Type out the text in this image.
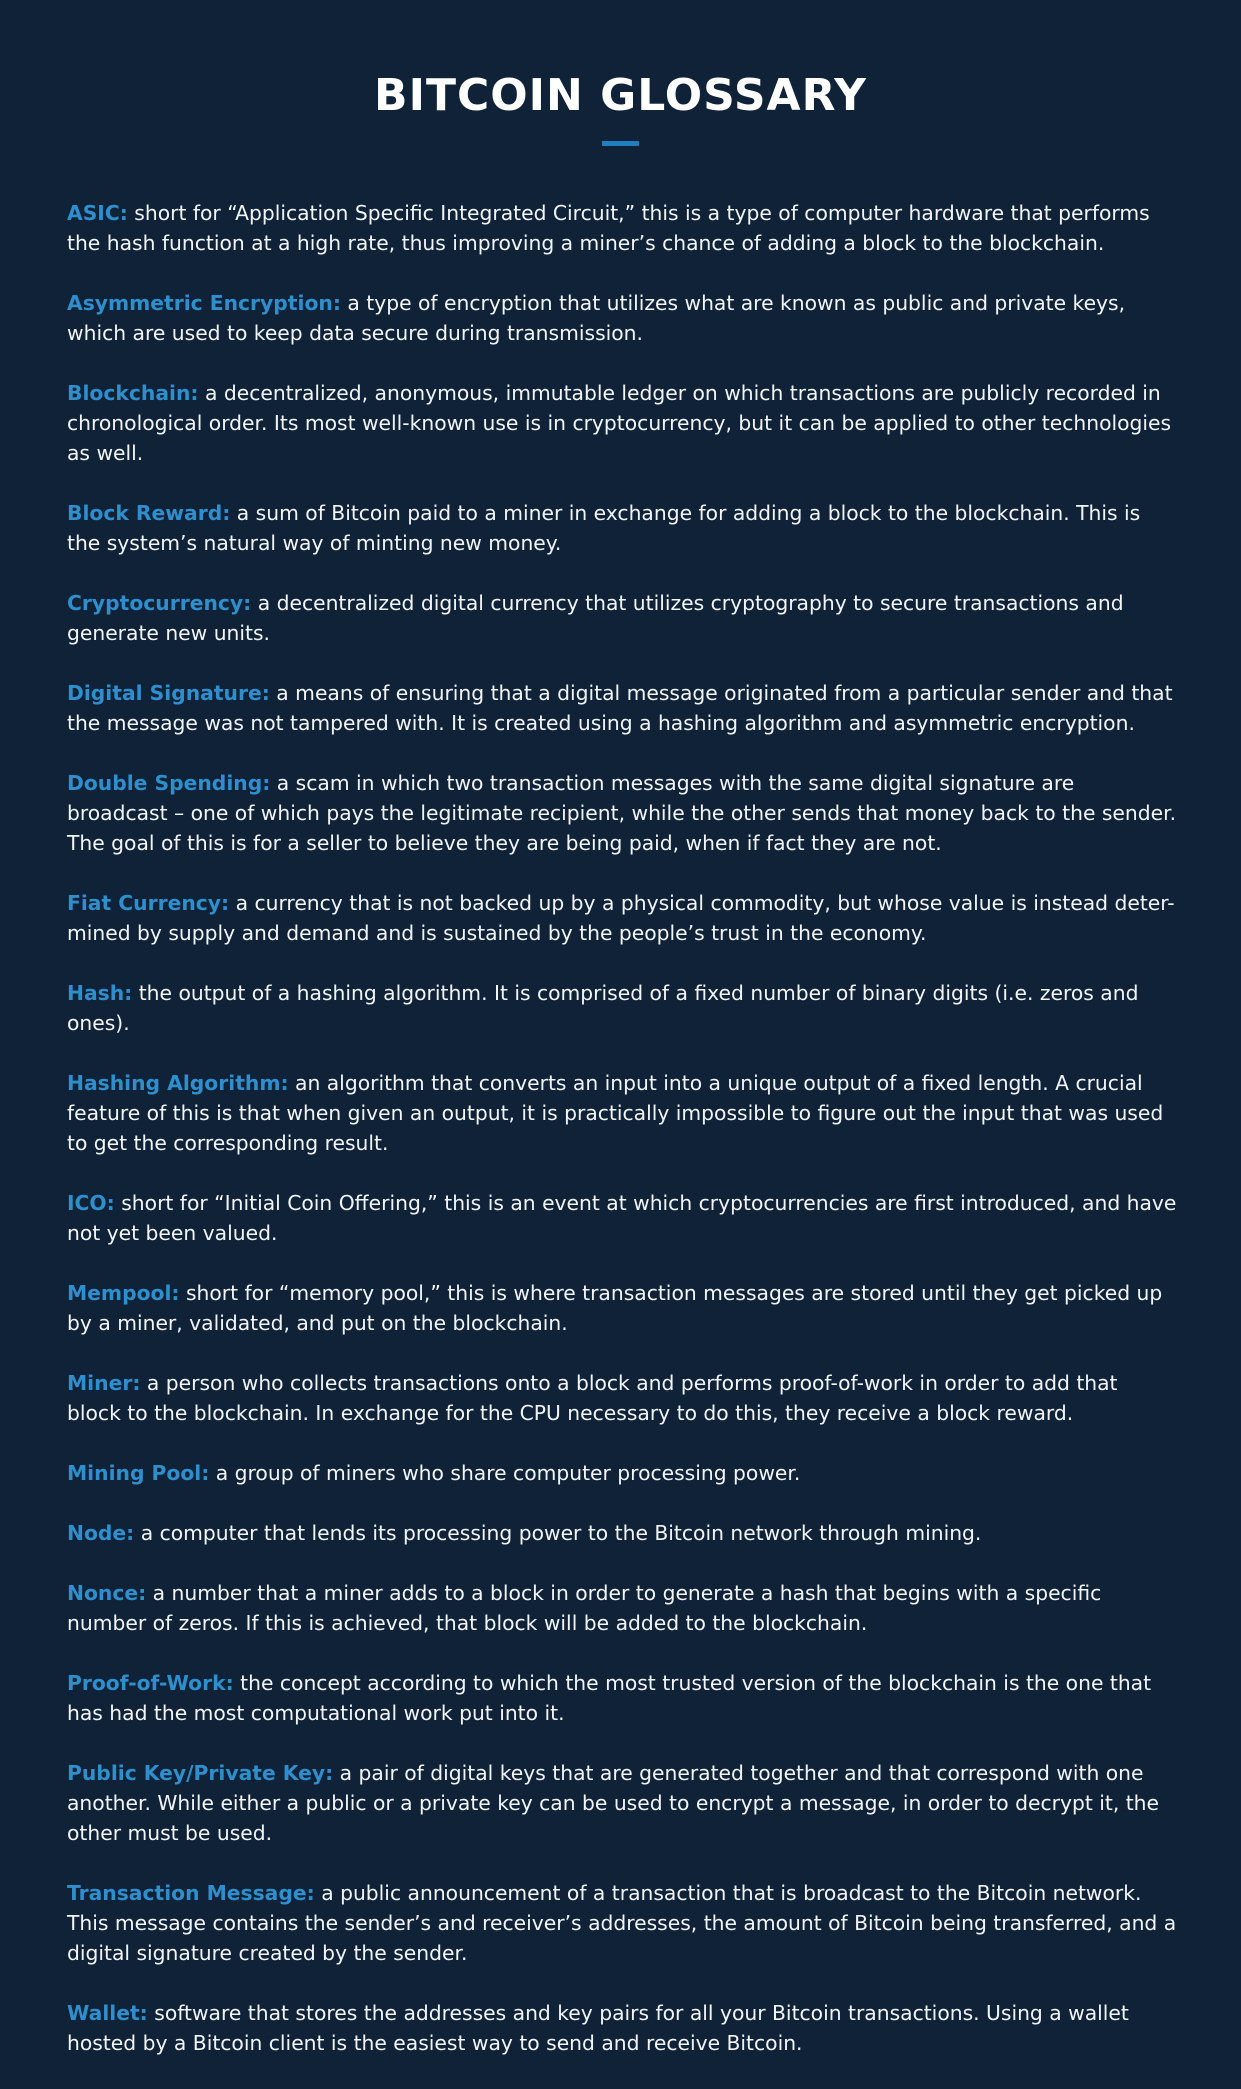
BITCOIN GLOSSARY
ASIC: short for “Application Specific Integrated Circuit,” this is a type of computer hardware that performs the hash function at a high rate, thus improving a miner’s chance of adding a block to the blockchain.
Asymmetric Encryption: a type of encryption that utilizes what are known as public and private keys, which are used to keep data secure during transmission.
Blockchain: a decentralized, anonymous, immutable ledger on which transactions are publicly recorded in chronological order. Its most well-known use is in cryptocurrency, but it can be applied to other technologies as well.
Block Reward: a sum of Bitcoin paid to a miner in exchange for adding a block to the blockchain. This is the system’s natural way of minting new money.
Cryptocurrency: a decentralized digital currency that utilizes cryptography to secure transactions and generate new units.
Digital Signature: a means of ensuring that a digital message originated from a particular sender and that the message was not tampered with. It is created using a hashing algorithm and asymmetric encryption.
Double Spending: a scam in which two transaction messages with the same digital signature are broadcast – one of which pays the legitimate recipient, while the other sends that money back to the sender. The goal of this is for a seller to believe they are being paid, when if fact they are not.
Fiat Currency: a currency that is not backed up by a physical commodity, but whose value is instead deter-mined by supply and demand and is sustained by the people’s trust in the economy.
Hash: the output of a hashing algorithm. It is comprised of a fixed number of binary digits (i.e. zeros and ones).
Hashing Algorithm: an algorithm that converts an input into a unique output of a fixed length. A crucial feature of this is that when given an output, it is practically impossible to figure out the input that was used to get the corresponding result.
ICO: short for “Initial Coin Offering,” this is an event at which cryptocurrencies are first introduced, and have not yet been valued.
Mempool: short for “memory pool,” this is where transaction messages are stored until they get picked up by a miner, validated, and put on the blockchain.
Miner: a person who collects transactions onto a block and performs proof-of-work in order to add that block to the blockchain. In exchange for the CPU necessary to do this, they receive a block reward.
Mining Pool: a group of miners who share computer processing power.
Node: a computer that lends its processing power to the Bitcoin network through mining.
Nonce: a number that a miner adds to a block in order to generate a hash that begins with a specific number of zeros. If this is achieved, that block will be added to the blockchain.
Proof-of-Work: the concept according to which the most trusted version of the blockchain is the one that has had the most computational work put into it.
Public Key/Private Key: a pair of digital keys that are generated together and that correspond with one another. While either a public or a private key can be used to encrypt a message, in order to decrypt it, the other must be used.
Transaction Message: a public announcement of a transaction that is broadcast to the Bitcoin network. This message contains the sender’s and receiver’s addresses, the amount of Bitcoin being transferred, and a digital signature created by the sender.
Wallet: software that stores the addresses and key pairs for all your Bitcoin transactions. Using a wallet hosted by a Bitcoin client is the easiest way to send and receive Bitcoin.
